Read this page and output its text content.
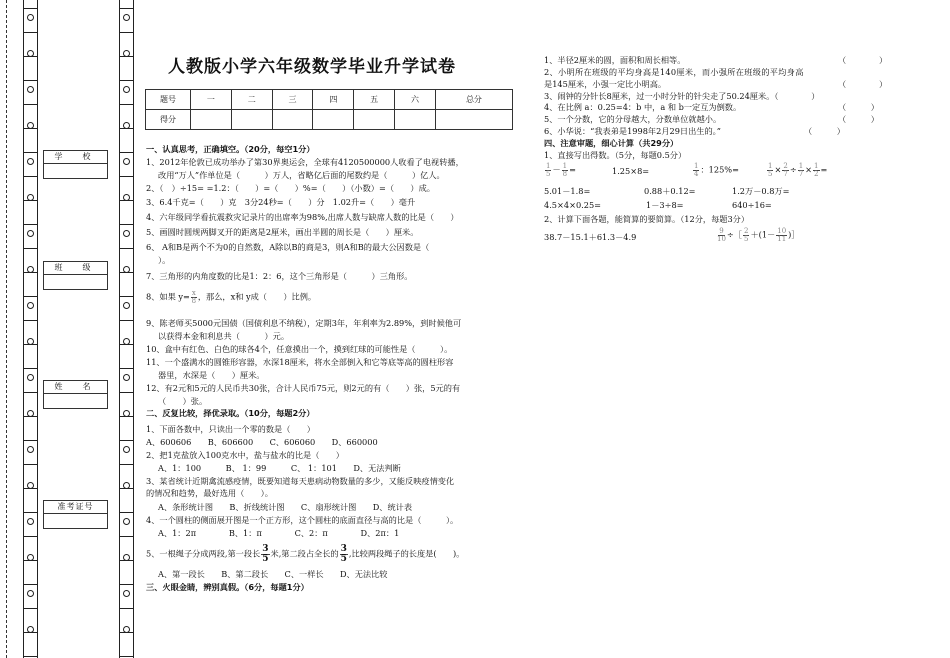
学　校
班　级
姓　名
准考证号
人教版小学六年级数学毕业升学试卷
题号	一	二	三	四	五	六	总分
得分							

一、认真思考，正确填空。（20分，每空1分）

1、2012年伦敦已成功举办了第30界奥运会，全球有4120500000人收看了电视转播，

改用“万人”作单位是（　　　）万人，省略亿后面的尾数约是（　　　）亿人。

2、（　）÷15= =1.2：（　　）=（　　）%=（　　）（小数）=（　　）成。

3、6.4千克=（　　）克　3分24秒=（　　）分　1.02升=（　　）毫升

4、六年级同学看抗震救灾记录片的出席率为98%,出席人数与缺席人数的比是（　　）

5、画圆时圆规两脚叉开的距离是2厘米，画出半圆的周长是（　　）厘米。

6、 A和B是两个不为0的自然数，A除以B的商是3，则A和B的最大公因数是（

）。

7、三角形的内角度数的比是1：2：6，这个三角形是（　　　）三角形。

8、如果 $y= \frac{x}{8}$ ，那么，x和 y成（　　）比例。

9、陈老师买5000元国债（国债利息不纳税），定期3年，年利率为2.89%，到时候他可

以获得本金和利息共（　　　）元。

10、盒中有红色、白色的球各4个，任意摸出一个，摸到红球的可能性是（　　　）。

11、一个盛满水的圆锥形容器，水深18厘米，将水全部倒入和它等底等高的圆柱形容

器里，水深是（　　）厘米。

12、有2元和5元的人民币共30张，合计人民币75元，则2元的有（　　）张，5元的有

（　　）张。

二、反复比较，择优录取。（10分，每题2分）

1、下面各数中，只读出一个零的数是（　　）

A、600606　　B、606600　　C、606060　　D、660000

2、把1克盐放入100克水中，盐与盐水的比是（　　）

A、1：100　　　B、 1：99　　　C、 1：101　　D、无法判断

3、某省统计近期禽流感疫情，既要知道每天患病动物数量的多少，又能反映疫情变化

的情况和趋势，最好选用（　　）。

A、条形统计图　　B、折线统计图　　C、扇形统计图　　D、统计表

4、一个圆柱的侧面展开图是一个正方形，这个圆柱的底面直径与高的比是（　　　）。

A、1：2π　　　　B、1：π　　　　C、2：π　　　　D、2π：1

5、一根绳子分成两段,第一段长 $\frac{3}{5}$ 米,第二段占全长的 $\frac{3}{5}$ ,比较两段绳子的长度是(　　)。

A、第一段长　　B、第二段长　　C、一样长　　D、无法比较

三、火眼金睛，辨别真假。（6分，每题1分）

1、半径2厘米的圆，面积和周长相等。	（　　　　）

2、小明所在班级的平均身高是140厘米，而小强所在班级的平均身高

是145厘米，小强一定比小明高。	（　　　　）

3、闹钟的分针长8厘米，过一小时分针的针尖走了50.24厘米。（　　　　）

4、在比例 a：0.25=4：b 中，a 和 b一定互为倒数。	（　　　）

5、一个分数，它的分母越大，分数单位就越小。	（　　　）

6、小华说：“我表弟是1998年2月29日出生的。”	（　　　）

四、注意审题，细心计算（共29分）

1、直接写出得数。（5分，每题0.5分）

$\frac{1}{5} - \frac{1}{8}$ =	1.25×8=	$\frac{1}{4}$ ：125%=	$\frac{1}{5} \times \frac{2}{7} \div \frac{1}{7} \times \frac{1}{2}$ =

5.01－1.8=	0.88＋0.12=	1.2万－0.8万=

4.5×4×0.25=	1－3÷8=	640÷16=

2、计算下面各题，能简算的要简算。（12分，每题3分）

38.7－15.1＋61.3－4.9	$\frac{9}{10}$ ÷［ $\frac{2}{5} +(1- \frac{10}{11}$ )］
